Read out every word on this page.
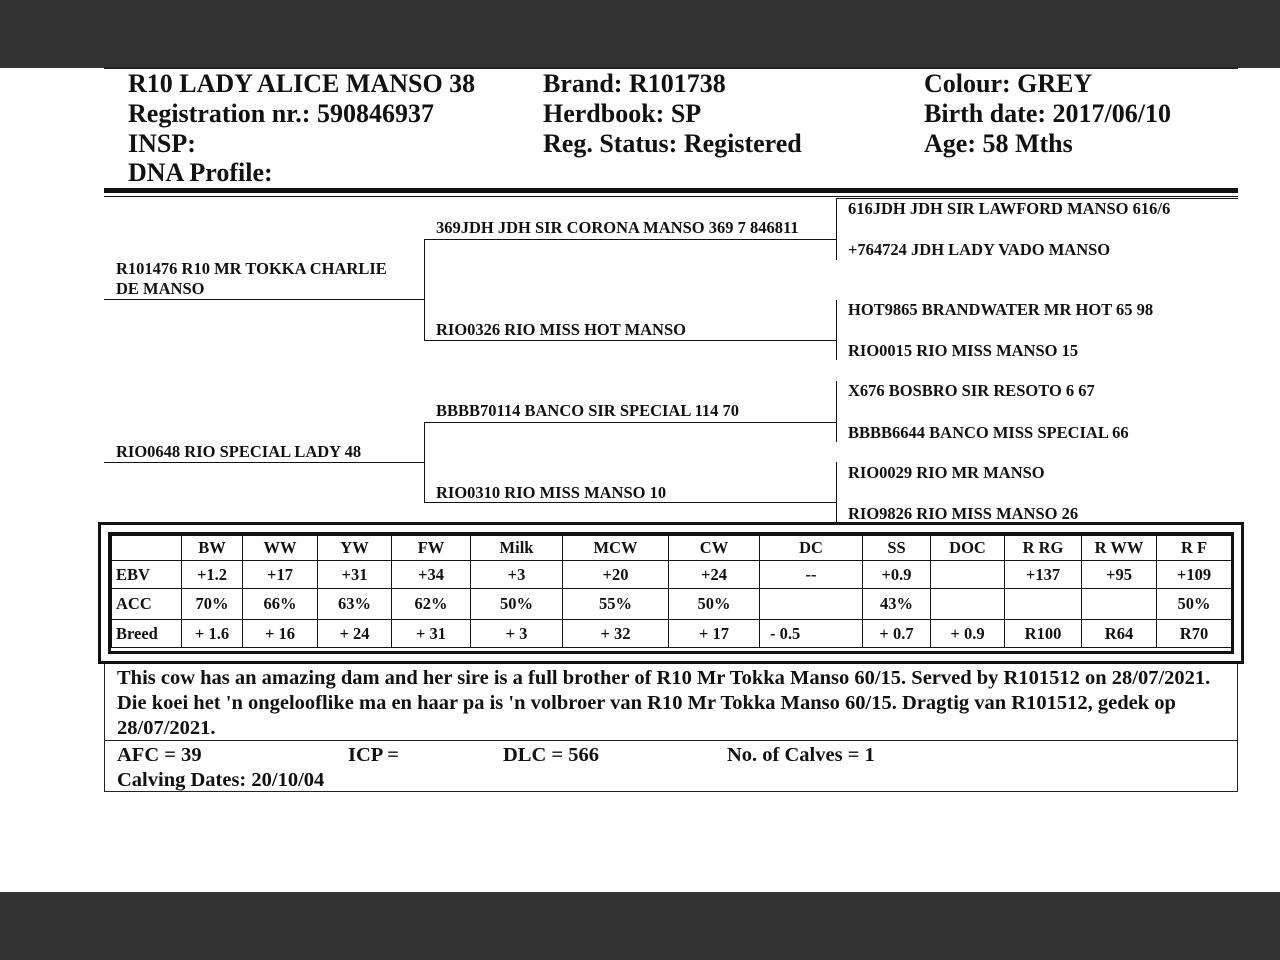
R10 LADY ALICE MANSO 38
Registration nr.: 590846937
INSP:
DNA Profile:
Brand: R101738
Herdbook: SP
Reg. Status: Registered
Colour: GREY
Birth date: 2017/06/10
Age: 58 Mths
R101476 R10 MR TOKKA CHARLIE
DE MANSO
RIO0648 RIO SPECIAL LADY 48
369JDH JDH SIR CORONA MANSO 369 7 846811
RIO0326 RIO MISS HOT MANSO
BBBB70114 BANCO SIR SPECIAL 114 70
RIO0310 RIO MISS MANSO 10
616JDH JDH SIR LAWFORD MANSO 616/6
+764724 JDH LADY VADO MANSO
HOT9865 BRANDWATER MR HOT 65 98
RIO0015 RIO MISS MANSO 15
X676 BOSBRO SIR RESOTO 6 67
BBBB6644 BANCO MISS SPECIAL 66
RIO0029 RIO MR MANSO
RIO9826 RIO MISS MANSO 26
	BW	WW	YW	FW	Milk	MCW	CW	DC	SS	DOC	R RG	R WW	R F
EBV	+1.2	+17	+31	+34	+3	+20	+24	--	+0.9		+137	+95	+109
ACC	70%	66%	63%	62%	50%	55%	50%		43%				50%
Breed	+ 1.6	+ 16	+ 24	+ 31	+ 3	+ 32	+ 17	- 0.5	+ 0.7	+ 0.9	R100	R64	R70
This cow has an amazing dam and her sire is a full brother of R10 Mr Tokka Manso 60/15. Served by R101512 on 28/07/2021. Die koei het 'n ongelooflike ma en haar pa is 'n volbroer van R10 Mr Tokka Manso 60/15. Dragtig van R101512, gedek op 28/07/2021.
AFC = 39	ICP =	DLC = 566	No. of Calves = 1
Calving Dates: 20/10/04
